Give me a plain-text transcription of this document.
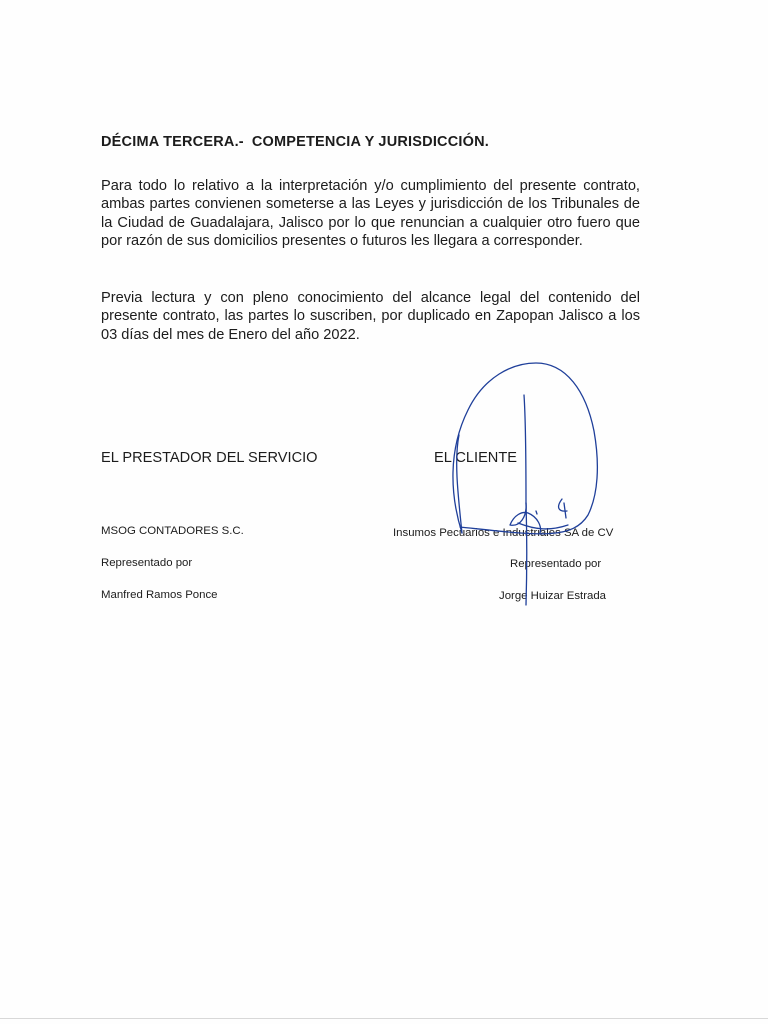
DÉCIMA TERCERA.- COMPETENCIA Y JURISDICCIÓN.

Para todo lo relativo a la interpretación y/o cumplimiento del presente contrato, ambas partes convienen someterse a las Leyes y jurisdicción de los Tribunales de la Ciudad de Guadalajara, Jalisco por lo que renuncian a cualquier otro fuero que por razón de sus domicilios presentes o futuros les llegara a corresponder.

Previa lectura y con pleno conocimiento del alcance legal del contenido del presente contrato, las partes lo suscriben, por duplicado en Zapopan Jalisco a los 03 días del mes de Enero del año 2022.

EL PRESTADOR DEL SERVICIO	EL CLIENTE
MSOG CONTADORES S.C.
Representado por
Manfred Ramos Ponce
Insumos Pecuarios e Industriales SA de CV
Representado por
Jorge Huizar Estrada
